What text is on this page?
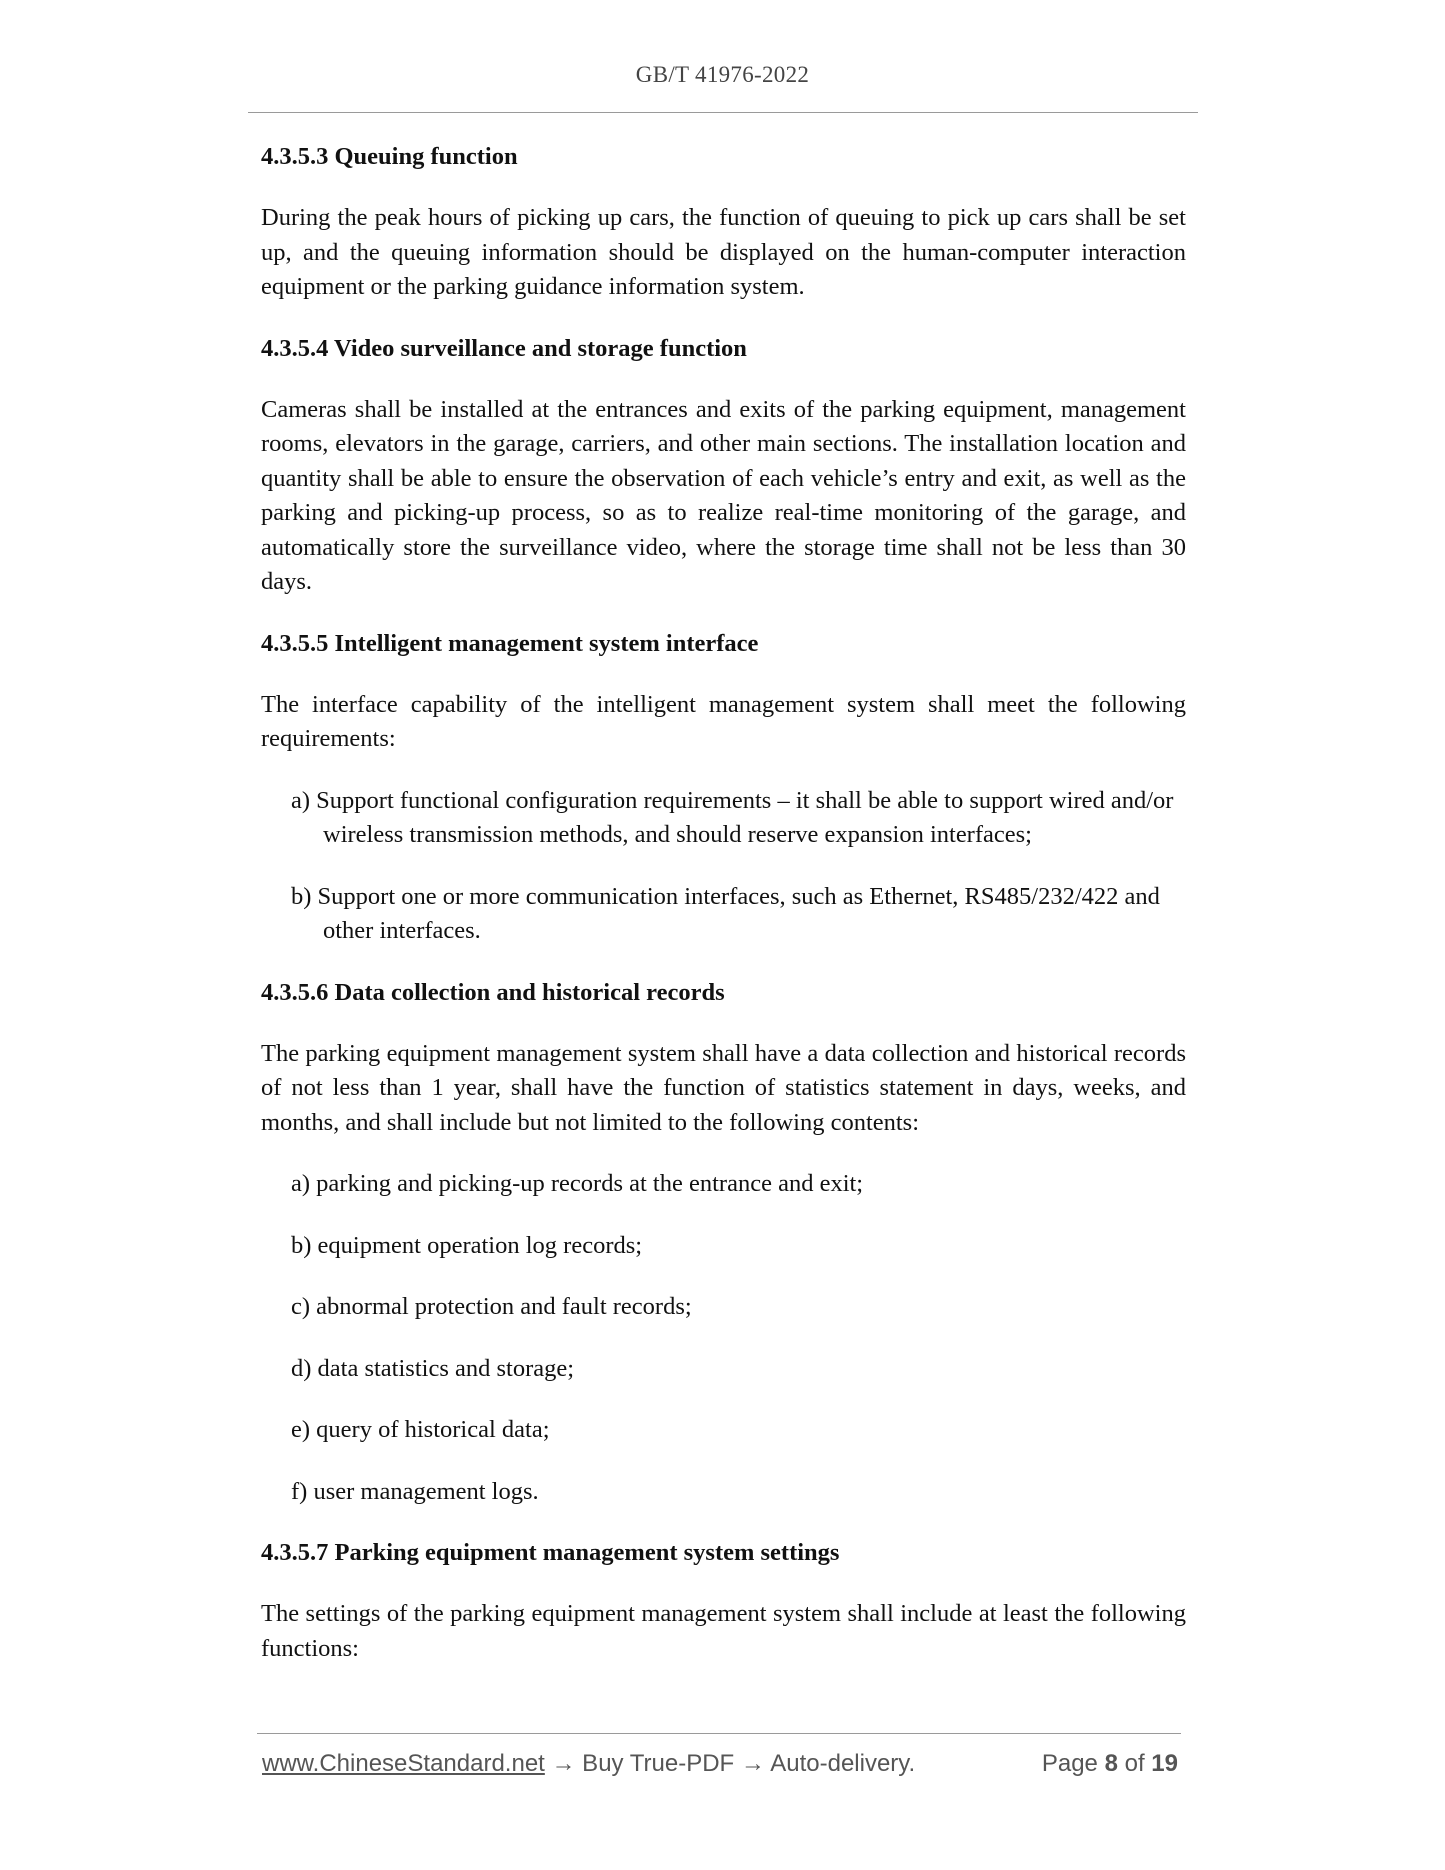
GB/T 41976-2022
4.3.5.3 Queuing function

During the peak hours of picking up cars, the function of queuing to pick up cars shall be set up, and the queuing information should be displayed on the human-computer interaction equipment or the parking guidance information system.

4.3.5.4 Video surveillance and storage function

Cameras shall be installed at the entrances and exits of the parking equipment, management rooms, elevators in the garage, carriers, and other main sections. The installation location and quantity shall be able to ensure the observation of each vehicle’s entry and exit, as well as the parking and picking-up process, so as to realize real-time monitoring of the garage, and automatically store the surveillance video, where the storage time shall not be less than 30 days.

4.3.5.5 Intelligent management system interface

The interface capability of the intelligent management system shall meet the following requirements:

a) Support functional configuration requirements – it shall be able to support wired and/or wireless transmission methods, and should reserve expansion interfaces;
b) Support one or more communication interfaces, such as Ethernet, RS485/232/422 and other interfaces.
4.3.5.6 Data collection and historical records

The parking equipment management system shall have a data collection and historical records of not less than 1 year, shall have the function of statistics statement in days, weeks, and months, and shall include but not limited to the following contents:

a) parking and picking-up records at the entrance and exit;
b) equipment operation log records;
c) abnormal protection and fault records;
d) data statistics and storage;
e) query of historical data;
f) user management logs.
4.3.5.7 Parking equipment management system settings

The settings of the parking equipment management system shall include at least the following functions:

www.ChineseStandard.net → Buy True-PDF → Auto-delivery.	Page 8 of 19
